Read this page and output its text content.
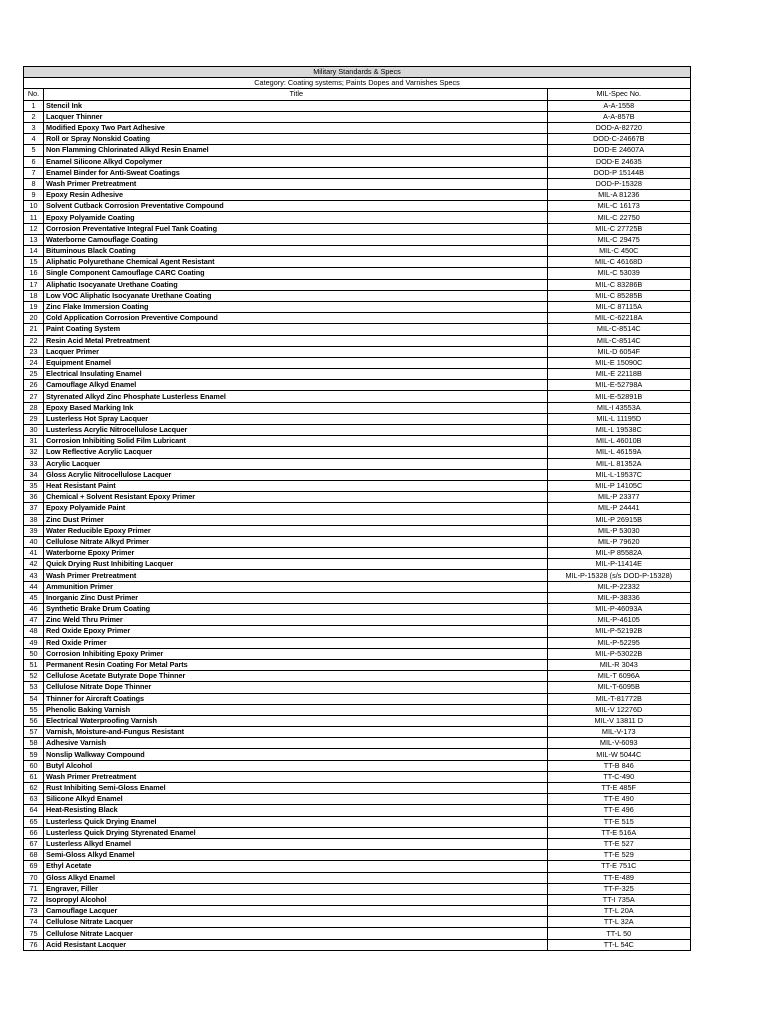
Military Standards & Specs		
Category: Coating systems; Paints Dopes and Varnishes Specs		
No.	Title	MIL-Spec No.
1	Stencil Ink	A-A-1558
2	Lacquer Thinner	A-A-857B
3	Modified Epoxy Two Part Adhesive	DOD-A-82720
4	Roll or Spray Nonskid Coating	DOD-C-24667B
5	Non Flamming Chlorinated Alkyd Resin Enamel	DOD-E 24607A
6	Enamel Silicone Alkyd Copolymer	DOD-E 24635
7	Enamel Binder for Anti-Sweat Coatings	DOD-P 15144B
8	Wash Primer Pretreatment	DOD-P-15328
9	Epoxy Resin Adhesive	MIL-A 81236
10	Solvent Cutback Corrosion Preventative Compound	MIL-C 16173
11	Epoxy Polyamide Coating	MIL-C 22750
12	Corrosion Preventative Integral Fuel Tank Coating	MIL-C 27725B
13	Waterborne Camouflage Coating	MIL-C 29475
14	Bituminous Black Coating	MIL-C 450C
15	Aliphatic Polyurethane Chemical Agent Resistant	MIL-C 46168D
16	Single Component Camouflage CARC Coating	MIL-C 53039
17	Aliphatic Isocyanate Urethane Coating	MIL-C 83286B
18	Low VOC Aliphatic Isocyanate Urethane Coating	MIL-C 85285B
19	Zinc Flake Immersion Coating	MIL-C 87115A
20	Cold Application Corrosion Preventive Compound	MIL-C-62218A
21	Paint Coating System	MIL-C-8514C
22	Resin Acid Metal Pretreatment	MIL-C-8514C
23	Lacquer Primer	MIL-D 6054F
24	Equipment Enamel	MIL-E 15090C
25	Electrical Insulating Enamel	MIL-E 22118B
26	Camouflage Alkyd Enamel	MIL-E-52798A
27	Styrenated Alkyd Zinc Phosphate Lusterless Enamel	MIL-E-52891B
28	Epoxy Based Marking Ink	MIL-I 43553A
29	Lusterless Hot Spray Lacquer	MIL-L 11195D
30	Lusterless Acrylic Nitrocellulose Lacquer	MIL-L 19538C
31	Corrosion Inhibiting Solid Film Lubricant	MIL-L 46010B
32	Low Reflective Acrylic Lacquer	MIL-L 46159A
33	Acrylic Lacquer	MIL-L 81352A
34	Gloss Acrylic Nitrocellulose Lacquer	MIL-L-19537C
35	Heat Resistant Paint	MIL-P 14105C
36	Chemical + Solvent Resistant Epoxy Primer	MIL-P 23377
37	Epoxy Polyamide Paint	MIL-P 24441
38	Zinc Dust Primer	MIL-P 26915B
39	Water Reducible Epoxy Primer	MIL-P 53030
40	Cellulose Nitrate Alkyd Primer	MIL-P 79620
41	Waterborne Epoxy Primer	MIL-P 85582A
42	Quick Drying Rust Inhibiting Lacquer	MIL-P-11414E
43	Wash Primer Pretreatment	MIL-P-15328 (s/s DOD-P-15328)
44	Ammunition Primer	MIL-P-22332
45	Inorganic Zinc Dust Primer	MIL-P-38336
46	Synthetic Brake Drum Coating	MIL-P-46093A
47	Zinc Weld Thru Primer	MIL-P-46105
48	Red Oxide Epoxy Primer	MIL-P-52192B
49	Red Oxide Primer	MIL-P-52295
50	Corrosion Inhibiting Epoxy Primer	MIL-P-53022B
51	Permanent Resin Coating For Metal Parts	MIL-R 3043
52	Cellulose Acetate Butyrate Dope Thinner	MIL-T 6096A
53	Cellulose Nitrate Dope Thinner	MIL-T-6095B
54	Thinner for Aircraft Coatings	MIL-T-81772B
55	Phenolic Baking Varnish	MIL-V 12276D
56	Electrical Waterproofing Varnish	MIL-V 13811 D
57	Varnish, Moisture-and-Fungus Resistant	MIL-V-173
58	Adhesive Varnish	MIL-V-6093
59	Nonslip Walkway Compound	MIL-W 5044C
60	Butyl Alcohol	TT-B 846
61	Wash Primer Pretreatment	TT-C-490
62	Rust Inhibiting Semi-Gloss Enamel	TT-E 485F
63	Silicone Alkyd Enamel	TT-E 490
64	Heat-Resisting Black	TT-E 496
65	Lusterless Quick Drying Enamel	TT-E 515
66	Lusterless Quick Drying Styrenated Enamel	TT-E 516A
67	Lusterless Alkyd Enamel	TT-E 527
68	Semi-Gloss Alkyd Enamel	TT-E 529
69	Ethyl Acetate	TT-E 751C
70	Gloss Alkyd Enamel	TT-E-489
71	Engraver, Filler	TT-F-325
72	Isopropyl Alcohol	TT-I 735A
73	Camouflage Lacquer	TT-L 20A
74	Cellulose Nitrate Lacquer	TT-L 32A
75	Cellulose Nitrate Lacquer	TT-L 50
76	Acid Resistant Lacquer	TT-L 54C
